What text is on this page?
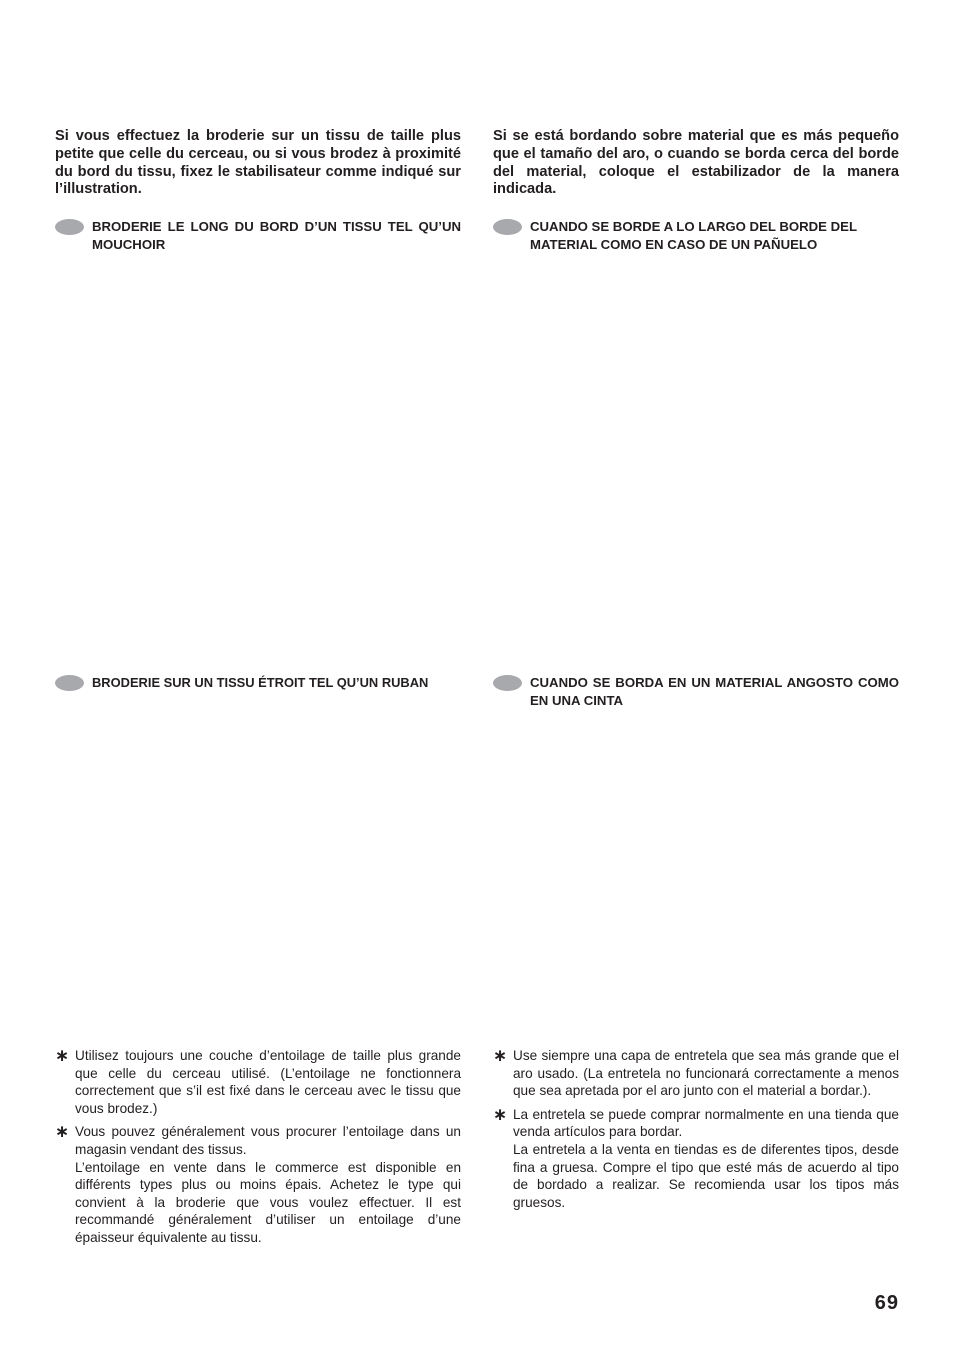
Si vous effectuez la broderie sur un tissu de taille plus petite que celle du cerceau, ou si vous brodez à proximité du bord du tissu, fixez le stabilisateur comme indiqué sur l’illustration.

BRODERIE LE LONG DU BORD D’UN TISSU TEL QU’UN MOUCHOIR

BRODERIE SUR UN TISSU ÉTROIT TEL QU’UN RUBAN

∗ Utilisez toujours une couche d’entoilage de taille plus grande que celle du cerceau utilisé. (L’entoilage ne fonctionnera correctement que s’il est fixé dans le cerceau avec le tissu que vous brodez.)

∗ Vous pouvez généralement vous procurer l’entoilage dans un magasin vendant des tissus.

L’entoilage en vente dans le commerce est disponible en différents types plus ou moins épais. Achetez le type qui convient à la broderie que vous voulez effectuer. Il est recommandé généralement d’utiliser un entoilage d’une épaisseur équivalente au tissu.

Si se está bordando sobre material que es más pequeño que el tamaño del aro, o cuando se borda cerca del borde del material, coloque el estabilizador de la manera indicada.

CUANDO SE BORDE A LO LARGO DEL BORDE DEL MATERIAL COMO EN CASO DE UN PAÑUELO

CUANDO SE BORDA EN UN MATERIAL ANGOSTO COMO EN UNA CINTA

∗ Use siempre una capa de entretela que sea más grande que el aro usado. (La entretela no funcionará correctamente a menos que sea apretada por el aro junto con el material a bordar.).

∗ La entretela se puede comprar normalmente en una tienda que venda artículos para bordar.

La entretela a la venta en tiendas es de diferentes tipos, desde fina a gruesa. Compre el tipo que esté más de acuerdo al tipo de bordado a realizar. Se recomienda usar los tipos más gruesos.

69
